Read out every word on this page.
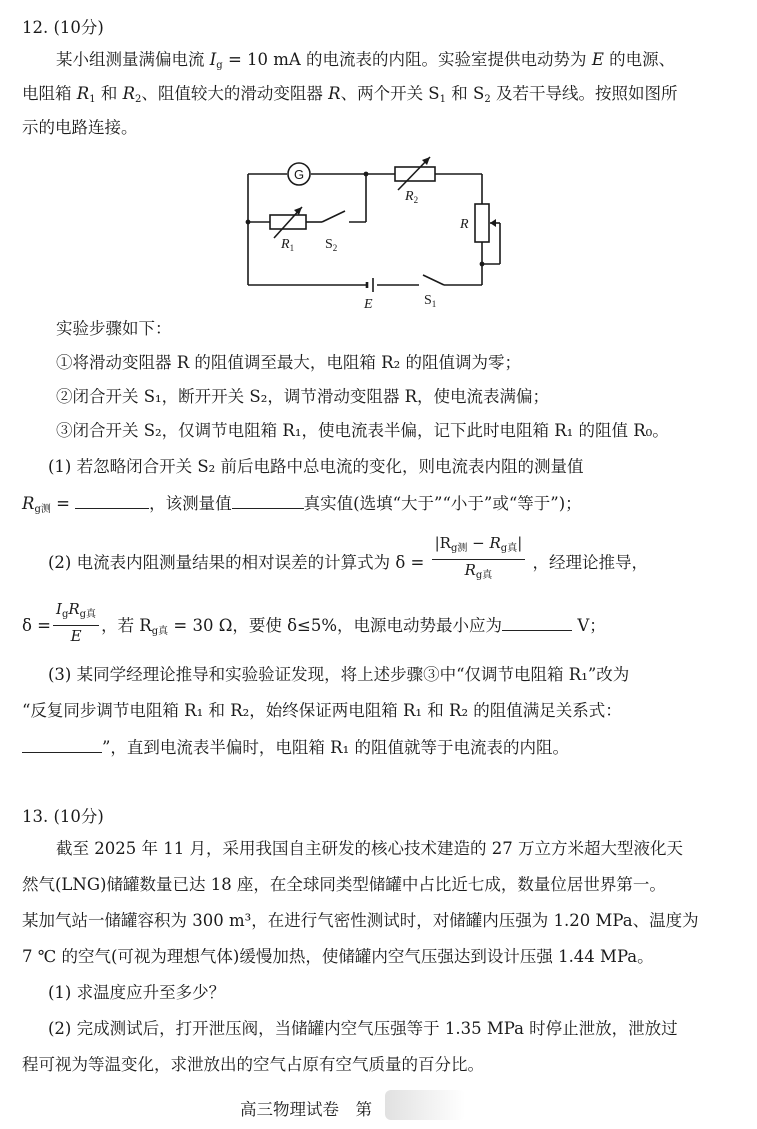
12. (10分)
某小组测量满偏电流 $I_g = 10$ mA 的电流表的内阻。实验室提供电动势为 E 的电源、
电阻箱 $R_1$ 和 $R_2$、阻值较大的滑动变阻器 R、两个开关 $S_1$ 和 $S_2$ 及若干导线。按照如图所
示的电路连接。
G
$R_1$ $S_2$
$R_2$
R
E	$S_1$
实验步骤如下：
①将滑动变阻器 R 的阻值调至最大，电阻箱 R₂ 的阻值调为零；
②闭合开关 S₁，断开开关 S₂，调节滑动变阻器 R，使电流表满偏；
③闭合开关 S₂，仅调节电阻箱 R₁，使电流表半偏，记下此时电阻箱 R₁ 的阻值 R₀。
(1) 若忽略闭合开关 S₂ 前后电路中总电流的变化，则电流表内阻的测量值
$R_{g测}$ =	，该测量值	真实值(选填“大于”“小于”或“等于”)；
(2) 电流表内阻测量结果的相对误差的计算式为 $\delta = \frac{|R_{g测} - R_{g真}|}{R_{g真}}$ ，经理论推导，
$\delta = \frac{I_gR_{g真}}{E}$ ，若 $R_{g真} = 30$ Ω，要使 δ≤5%，电源电动势最小应为	V；
(3) 某同学经理论推导和实验验证发现，将上述步骤③中“仅调节电阻箱 R₁”改为
“反复同步调节电阻箱 R₁ 和 R₂，始终保证两电阻箱 R₁ 和 R₂ 的阻值满足关系式：
”，直到电流表半偏时，电阻箱 R₁ 的阻值就等于电流表的内阻。
13. (10分)
截至 2025 年 11 月，采用我国自主研发的核心技术建造的 27 万立方米超大型液化天
然气(LNG)储罐数量已达 18 座，在全球同类型储罐中占比近七成，数量位居世界第一。
某加气站一储罐容积为 300 m³，在进行气密性测试时，对储罐内压强为 1.20 MPa、温度为
7 ℃ 的空气(可视为理想气体)缓慢加热，使储罐内空气压强达到设计压强 1.44 MPa。
(1) 求温度应升至多少？
(2) 完成测试后，打开泄压阀，当储罐内空气压强等于 1.35 MPa 时停止泄放，泄放过
程可视为等温变化，求泄放出的空气占原有空气质量的百分比。
高三物理试卷　第
